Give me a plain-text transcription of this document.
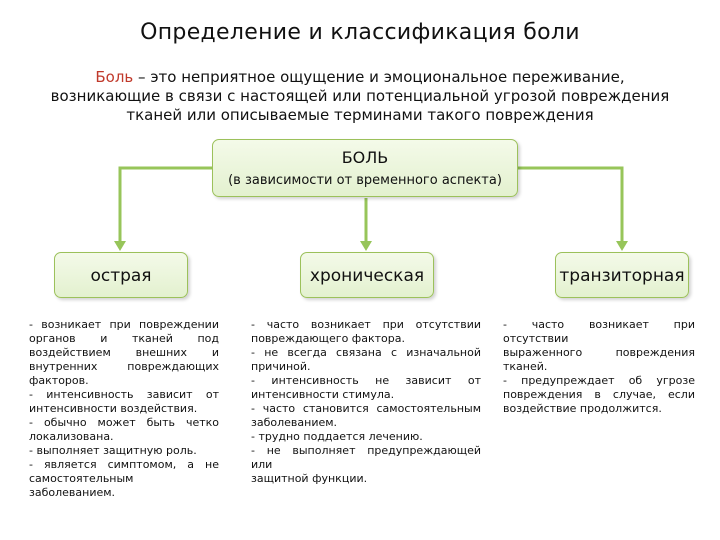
Определение и классификация боли
Боль – это неприятное ощущение и эмоциональное переживание, возникающие в связи с настоящей или потенциальной угрозой повреждения тканей или описываемые терминами такого повреждения
БОЛЬ
(в зависимости от временного аспекта)
острая	хроническая	транзиторная

- возникает при повреждении

органов и тканей под

воздействием внешних и

внутренних повреждающих

факторов.

- интенсивность зависит от

интенсивности воздействия.

- обычно может быть четко

локализована.

- выполняет защитную роль.

- является симптомом, а не

самостоятельным заболеванием.

- часто возникает при отсутствии

повреждающего фактора.

- не всегда связана с изначальной

причиной.

- интенсивность не зависит от

интенсивности стимула.

- часто становится самостоятельным

заболеванием.

- трудно поддается лечению.

- не выполняет предупреждающей или

защитной функции.

- часто возникает при отсутствии

выраженного повреждения

тканей.

- предупреждает об угрозе

повреждения в случае, если

воздействие продолжится.
